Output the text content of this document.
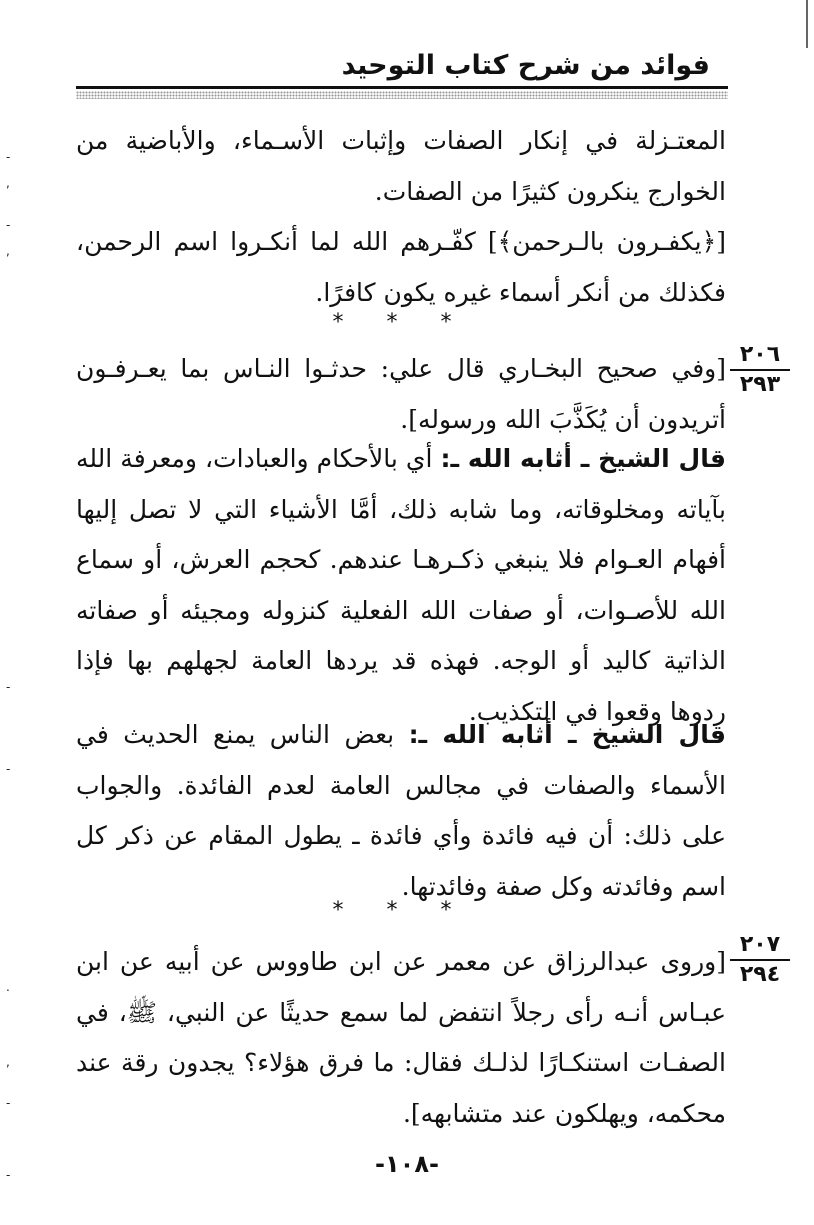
فوائد من شرح كتاب التوحيد
المعتـزلة في إنكار الصفات وإثبات الأسـماء، والأباضية من الخوارج ينكرون كثيرًا من الصفات.
[﴿يكفـرون بالـرحمن﴾] كفّـرهم الله لما أنكـروا اسم الرحمن، فكذلك من أنكر أسماء غيره يكون كافرًا.
* * *
٢٠٦
٢٩٣
[وفي صحيح البخـاري قال علي: حدثـوا النـاس بما يعـرفـون أتريدون أن يُكَذَّبَ الله ورسوله].
قال الشيخ ـ أثابه الله ـ: أي بالأحكام والعبادات، ومعرفة الله بآياته ومخلوقاته، وما شابه ذلك، أمَّا الأشياء التي لا تصل إليها أفهام العـوام فلا ينبغي ذكـرهـا عندهم. كحجم العرش، أو سماع الله للأصـوات، أو صفات الله الفعلية كنزوله ومجيئه أو صفاته الذاتية كاليد أو الوجه. فهذه قد يردها العامة لجهلهم بها فإذا ردوها وقعوا في التكذيب.
قال الشيخ ـ أثابه الله ـ: بعض الناس يمنع الحديث في الأسماء والصفات في مجالس العامة لعدم الفائدة. والجواب على ذلك: أن فيه فائدة وأي فائدة ـ يطول المقام عن ذكر كل اسم وفائدته وكل صفة وفائدتها.
* * *
٢٠٧
٢٩٤
[وروى عبدالرزاق عن معمر عن ابن طاووس عن أبيه عن ابن عبـاس أنـه رأى رجلاً انتفض لما سمع حديثًا عن النبي، ﷺ، في الصفـات استنكـارًا لذلـك فقال: ما فرق هؤلاء؟ يجدون رقة عند محكمه، ويهلكون عند متشابهه].
-١٠٨-
-
,
-
,
-
-
.
,
-
-
